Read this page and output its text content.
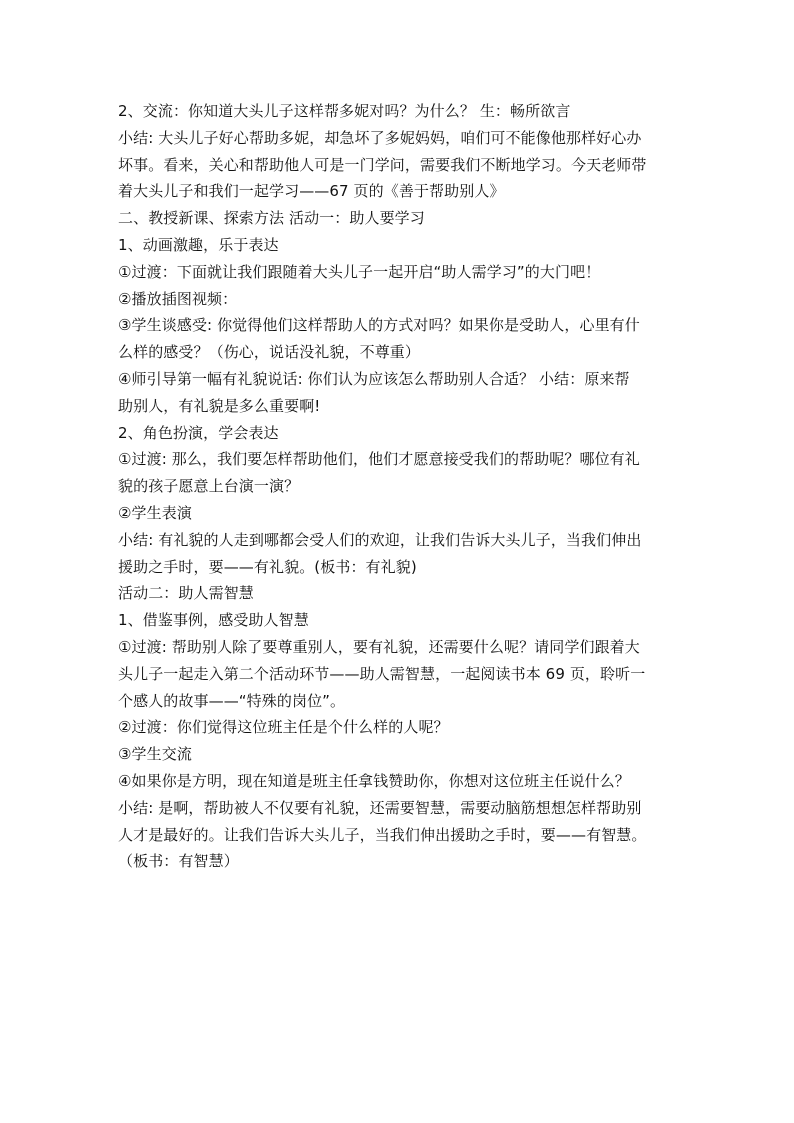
2、交流：你知道大头儿子这样帮多妮对吗？为什么？ 生：畅所欲言
小结: 大头儿子好心帮助多妮，却急坏了多妮妈妈，咱们可不能像他那样好心办
坏事。看来，关心和帮助他人可是一门学问，需要我们不断地学习。今天老师带
着大头儿子和我们一起学习——67 页的《善于帮助别人》
二、教授新课、探索方法 活动一：助人要学习
1、动画激趣，乐于表达
①过渡：下面就让我们跟随着大头儿子一起开启“助人需学习”的大门吧！
②播放插图视频：
③学生谈感受: 你觉得他们这样帮助人的方式对吗？如果你是受助人，心里有什
么样的感受？（伤心，说话没礼貌，不尊重）
④师引导第一幅有礼貌说话: 你们认为应该怎么帮助别人合适？ 小结：原来帮
助别人，有礼貌是多么重要啊!
2、角色扮演，学会表达
①过渡: 那么，我们要怎样帮助他们，他们才愿意接受我们的帮助呢？哪位有礼
貌的孩子愿意上台演一演？
②学生表演
小结: 有礼貌的人走到哪都会受人们的欢迎，让我们告诉大头儿子，当我们伸出
援助之手时，要——有礼貌。(板书：有礼貌)
活动二：助人需智慧
1、借鉴事例，感受助人智慧
①过渡: 帮助别人除了要尊重别人，要有礼貌，还需要什么呢？请同学们跟着大
头儿子一起走入第二个活动环节——助人需智慧，一起阅读书本 69 页，聆听一
个感人的故事——“特殊的岗位”。
②过渡：你们觉得这位班主任是个什么样的人呢？
③学生交流
④如果你是方明，现在知道是班主任拿钱赞助你，你想对这位班主任说什么？
小结: 是啊，帮助被人不仅要有礼貌，还需要智慧，需要动脑筋想想怎样帮助别
人才是最好的。让我们告诉大头儿子，当我们伸出援助之手时，要——有智慧。
（板书：有智慧）
